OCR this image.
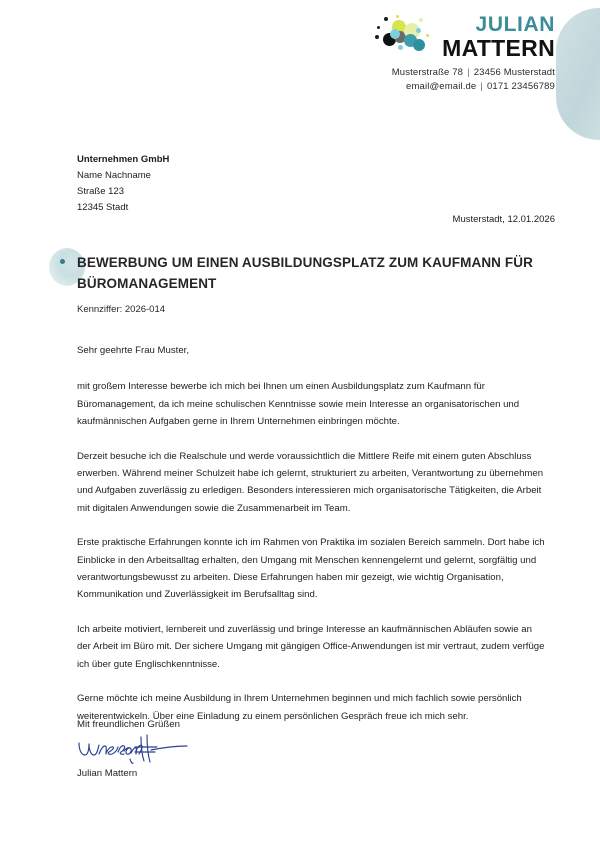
JULIAN
MATTERN
Musterstraße 78 | 23456 Musterstadt
email@email.de | 0171 23456789
Unternehmen GmbH
Name Nachname
Straße 123
12345 Stadt
Musterstadt, 12.01.2026
BEWERBUNG UM EINEN AUSBILDUNGSPLATZ ZUM KAUFMANN FÜR BÜROMANAGEMENT
Kennziffer: 2026-014

Sehr geehrte Frau Muster,

mit großem Interesse bewerbe ich mich bei Ihnen um einen Ausbildungsplatz zum Kaufmann für Büromanagement, da ich meine schulischen Kenntnisse sowie mein Interesse an organisatorischen und kaufmännischen Aufgaben gerne in Ihrem Unternehmen einbringen möchte.

Derzeit besuche ich die Realschule und werde voraussichtlich die Mittlere Reife mit einem guten Abschluss erwerben. Während meiner Schulzeit habe ich gelernt, strukturiert zu arbeiten, Verantwortung zu übernehmen und Aufgaben zuverlässig zu erledigen. Besonders interessieren mich organisatorische Tätigkeiten, die Arbeit mit digitalen Anwendungen sowie die Zusammenarbeit im Team.

Erste praktische Erfahrungen konnte ich im Rahmen von Praktika im sozialen Bereich sammeln. Dort habe ich Einblicke in den Arbeitsalltag erhalten, den Umgang mit Menschen kennengelernt und gelernt, sorgfältig und verantwortungsbewusst zu arbeiten. Diese Erfahrungen haben mir gezeigt, wie wichtig Organisation, Kommunikation und Zuverlässigkeit im Berufsalltag sind.

Ich arbeite motiviert, lernbereit und zuverlässig und bringe Interesse an kaufmännischen Abläufen sowie an der Arbeit im Büro mit. Der sichere Umgang mit gängigen Office-Anwendungen ist mir vertraut, zudem verfüge ich über gute Englischkenntnisse.

Gerne möchte ich meine Ausbildung in Ihrem Unternehmen beginnen und mich fachlich sowie persönlich weiterentwickeln. Über eine Einladung zu einem persönlichen Gespräch freue ich mich sehr.

Mit freundlichen Grüßen
Julian Mattern
